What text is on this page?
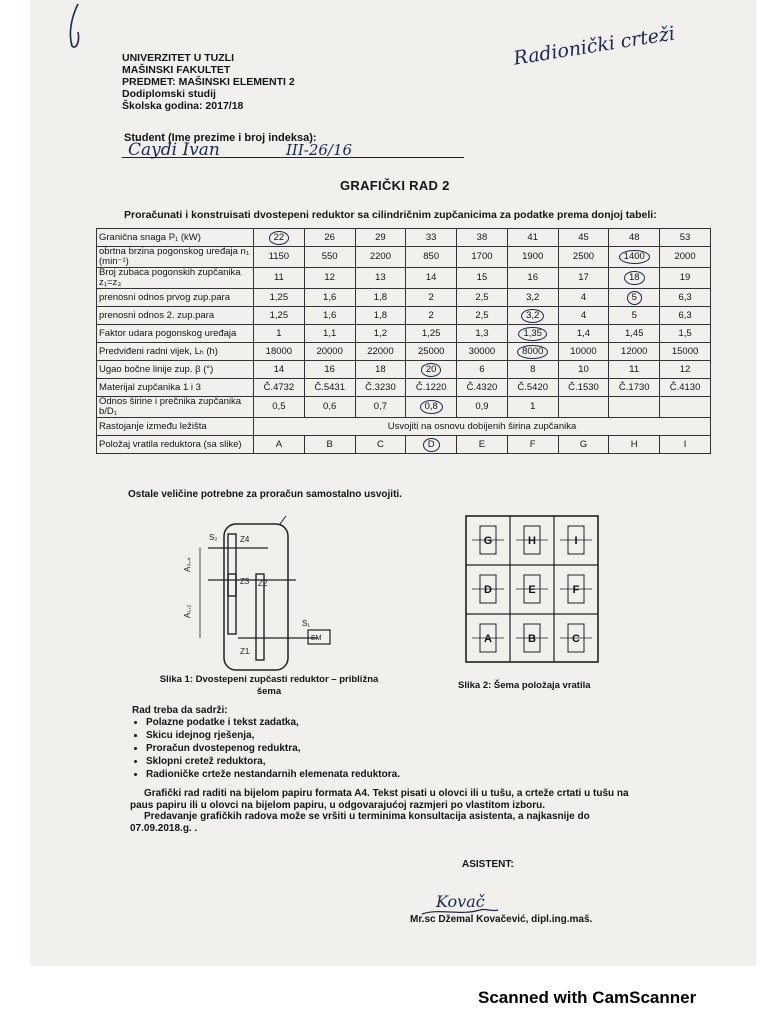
UNIVERZITET U TUZLI
MAŠINSKI FAKULTET
PREDMET: MAŠINSKI ELEMENTI 2
Dodiplomski studij
Školska godina: 2017/18
Radionički crteži
Student (Ime prezime i broj indeksa):
Ćaydi Ivan	III-26/16
GRAFIČKI RAD 2
Proračunati i konstruisati dvostepeni reduktor sa cilindričnim zupčanicima za podatke prema donjoj tabeli:
Granična snaga P₁ (kW)	22	26	29	33	38	41	45	48	53
obrtna brzina pogonskog uređaja n₁ (min⁻¹)	1150	550	2200	850	1700	1900	2500	1400	2000
Broj zubaca pogonskih zupčanika z₁=z₃	11	12	13	14	15	16	17	18	19
prenosni odnos prvog zup.para	1,25	1,6	1,8	2	2,5	3,2	4	5	6,3
prenosni odnos 2. zup.para	1,25	1,6	1,8	2	2,5	3,2	4	5	6,3
Faktor udara pogonskog uređaja	1	1,1	1,2	1,25	1,3	1,35	1,4	1,45	1,5
Predviđeni radni vijek, Lₕ (h)	18000	20000	22000	25000	30000	8000	10000	12000	15000
Ugao bočne linije zup. β (°)	14	16	18	20	6	8	10	11	12
Materijal zupčanika 1 i 3	Č.4732	Č.5431	Č.3230	Č.1220	Č.4320	Č.5420	Č.1530	Č.1730	Č.4130
Odnos širine i prečnika zupčanika b/D₁	0,5	0,6	0,7	0,8	0,9	1			
Rastojanje između ležišta	Usvojiti na osnovu dobijenih širina zupčanika								
Položaj vratila reduktora (sa slike)	A	B	C	D	E	F	G	H	I
Ostale veličine potrebne za proračun samostalno usvojiti.
S₂	Z4
Z3 Z2
Z1
A₃,₄
A₁,₂
S₁
EM
Slika 1: Dvostepeni zupčasti reduktor – približna
šema
G	H	I
D	E	F
A	B	C
Slika 2: Šema položaja vratila
Rad treba da sadrži:
• Polazne podatke i tekst zadatka,
• Skicu idejnog rješenja,
• Proračun dvostepenog reduktra,
• Sklopni cretež reduktora,
• Radioničke crteže nestandarnih elemenata reduktora.
Grafički rad raditi na bijelom papiru formata A4. Tekst pisati u olovci ili u tušu, a crteže crtati u tušu na paus papiru ili u olovci na bijelom papiru, u odgovarajućoj razmjeri po vlastitom izboru.
Predavanje grafičkih radova može se vršiti u terminima konsultacija asistenta, a najkasnije do 07.09.2018.g. .
ASISTENT:
Kovač
Mr.sc Džemal Kovačević, dipl.ing.maš.
Scanned with CamScanner
